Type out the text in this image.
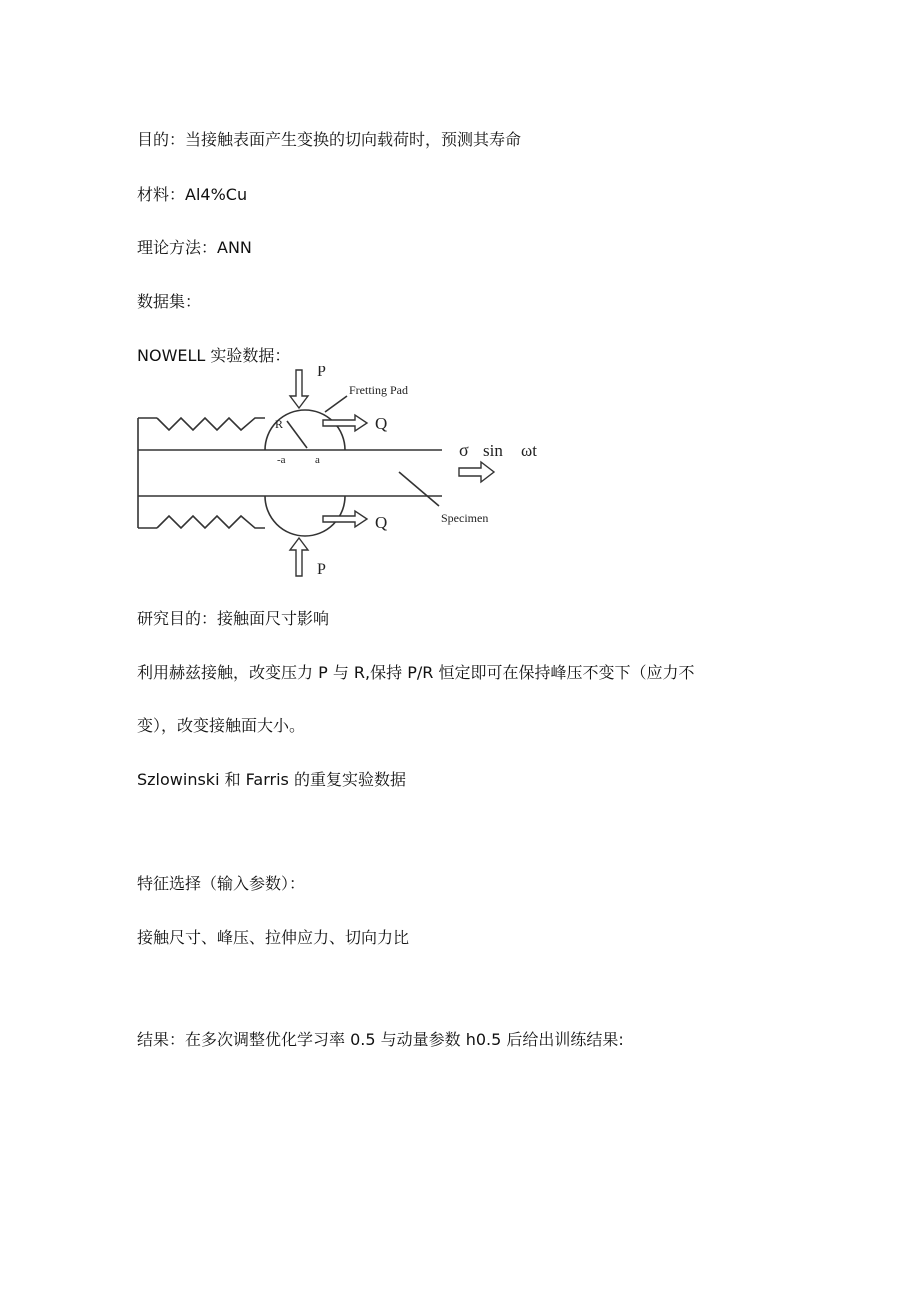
目的：当接触表面产生变换的切向载荷时，预测其寿命
材料：Al4%Cu
理论方法：ANN
数据集：
NOWELL 实验数据：
P
Fretting Pad
R	Q
-a	a	σ sin ωt
Specimen
Q
P
研究目的：接触面尺寸影响
利用赫兹接触，改变压力 P 与 R,保持 P/R 恒定即可在保持峰压不变下（应力不
变），改变接触面大小。
Szlowinski 和 Farris 的重复实验数据
特征选择（输入参数）：
接触尺寸、峰压、拉伸应力、切向力比
结果：在多次调整优化学习率 0.5 与动量参数 h0.5 后给出训练结果:
